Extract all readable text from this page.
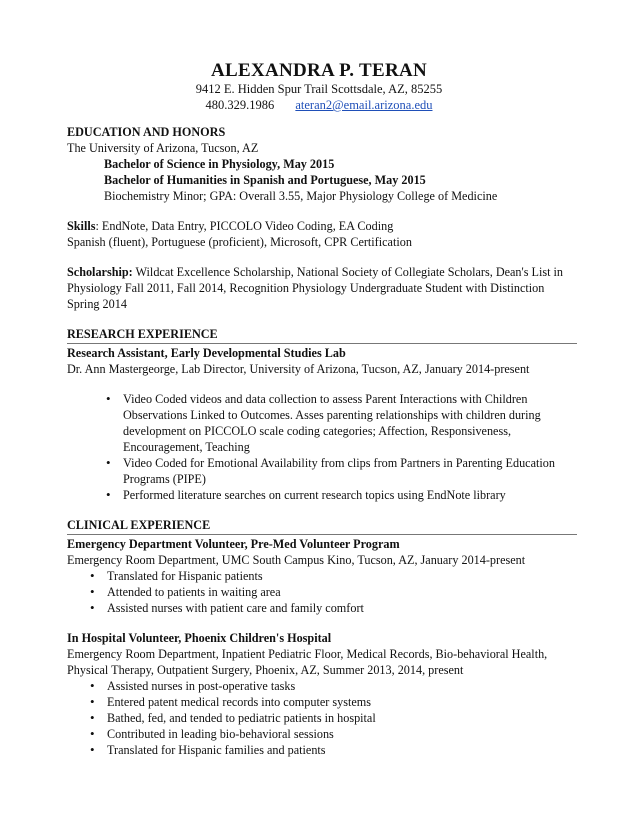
ALEXANDRA P. TERAN
9412 E. Hidden Spur Trail Scottsdale, AZ, 85255
480.329.1986 ateran2@email.arizona.edu

EDUCATION AND HONORS

The University of Arizona, Tucson, AZ

Bachelor of Science in Physiology, May 2015

Bachelor of Humanities in Spanish and Portuguese, May 2015

Biochemistry Minor; GPA: Overall 3.55, Major Physiology College of Medicine

Skills: EndNote, Data Entry, PICCOLO Video Coding, EA Coding

Spanish (fluent), Portuguese (proficient), Microsoft, CPR Certification

Scholarship: Wildcat Excellence Scholarship, National Society of Collegiate Scholars, Dean's List in Physiology Fall 2011, Fall 2014, Recognition Physiology Undergraduate Student with Distinction Spring 2014

RESEARCH EXPERIENCE

Research Assistant, Early Developmental Studies Lab

Dr. Ann Mastergeorge, Lab Director, University of Arizona, Tucson, AZ, January 2014-present

• Video Coded videos and data collection to assess Parent Interactions with Children Observations Linked to Outcomes. Asses parenting relationships with children during development on PICCOLO scale coding categories; Affection, Responsiveness, Encouragement, Teaching
• Video Coded for Emotional Availability from clips from Partners in Parenting Education Programs (PIPE)
• Performed literature searches on current research topics using EndNote library

CLINICAL EXPERIENCE

Emergency Department Volunteer, Pre-Med Volunteer Program

Emergency Room Department, UMC South Campus Kino, Tucson, AZ, January 2014-present

• Translated for Hispanic patients
• Attended to patients in waiting area
• Assisted nurses with patient care and family comfort

In Hospital Volunteer, Phoenix Children's Hospital

Emergency Room Department, Inpatient Pediatric Floor, Medical Records, Bio-behavioral Health, Physical Therapy, Outpatient Surgery, Phoenix, AZ, Summer 2013, 2014, present

• Assisted nurses in post-operative tasks
• Entered patent medical records into computer systems
• Bathed, fed, and tended to pediatric patients in hospital
• Contributed in leading bio-behavioral sessions
• Translated for Hispanic families and patients
